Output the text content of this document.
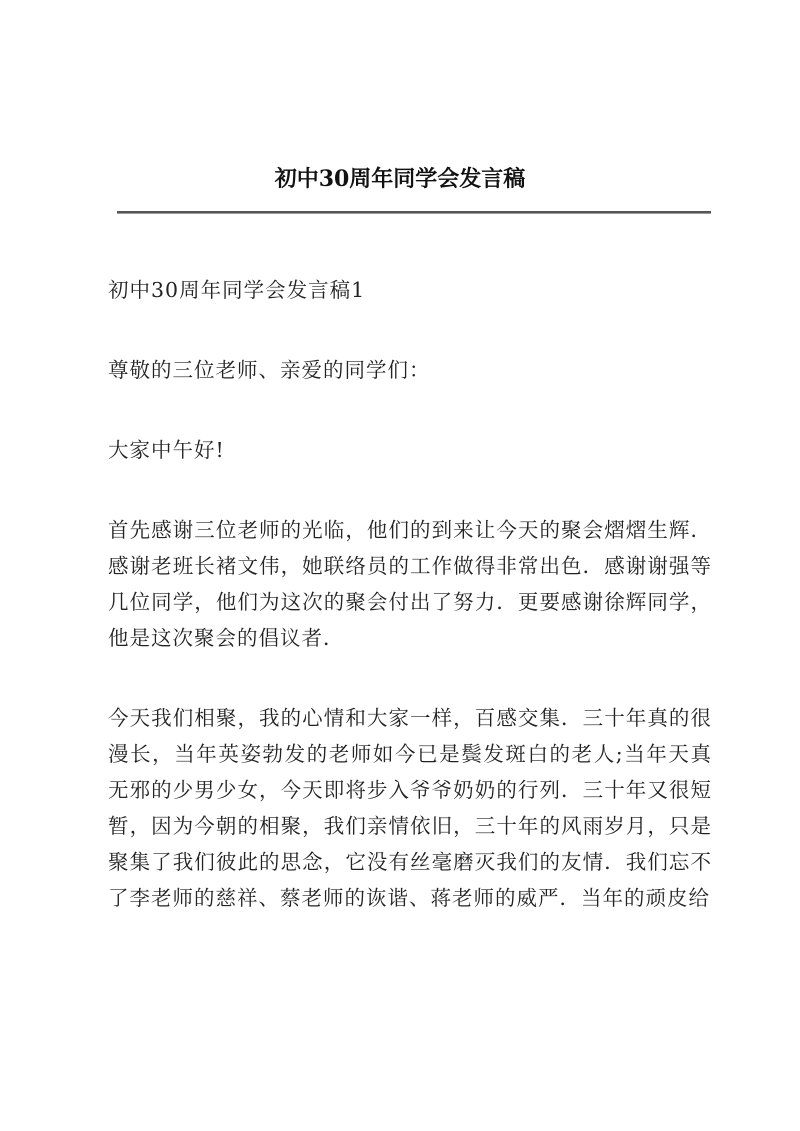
初中30周年同学会发言稿

初中30周年同学会发言稿1

尊敬的三位老师、亲爱的同学们：

大家中午好!

首先感谢三位老师的光临，他们的到来让今天的聚会熠熠生辉．感谢老班长褚文伟，她联络员的工作做得非常出色．感谢谢强等几位同学，他们为这次的聚会付出了努力．更要感谢徐辉同学，他是这次聚会的倡议者．

今天我们相聚，我的心情和大家一样，百感交集．三十年真的很漫长，当年英姿勃发的老师如今已是鬓发斑白的老人;当年天真无邪的少男少女，今天即将步入爷爷奶奶的行列．三十年又很短暂，因为今朝的相聚，我们亲情依旧，三十年的风雨岁月，只是聚集了我们彼此的思念，它没有丝毫磨灭我们的友情．我们忘不了李老师的慈祥、蔡老师的诙谐、蒋老师的威严．当年的顽皮给
